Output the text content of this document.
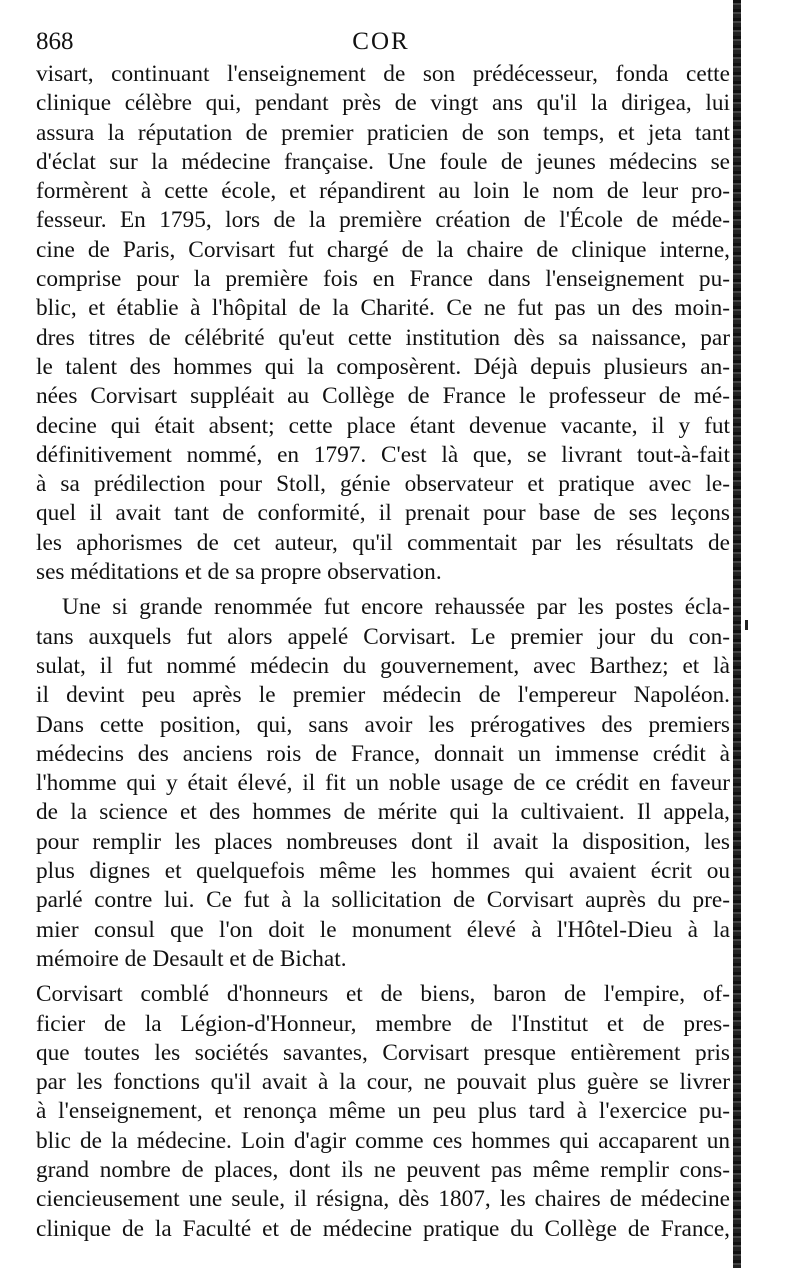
868	COR
visart, continuant l'enseignement de son prédécesseur, fonda cette
clinique célèbre qui, pendant près de vingt ans qu'il la dirigea, lui
assura la réputation de premier praticien de son temps, et jeta tant
d'éclat sur la médecine française. Une foule de jeunes médecins se
formèrent à cette école, et répandirent au loin le nom de leur pro-
fesseur. En 1795, lors de la première création de l'École de méde-
cine de Paris, Corvisart fut chargé de la chaire de clinique interne,
comprise pour la première fois en France dans l'enseignement pu-
blic, et établie à l'hôpital de la Charité. Ce ne fut pas un des moin-
dres titres de célébrité qu'eut cette institution dès sa naissance, par
le talent des hommes qui la composèrent. Déjà depuis plusieurs an-
nées Corvisart suppléait au Collège de France le professeur de mé-
decine qui était absent; cette place étant devenue vacante, il y fut
définitivement nommé, en 1797. C'est là que, se livrant tout-à-fait
à sa prédilection pour Stoll, génie observateur et pratique avec le-
quel il avait tant de conformité, il prenait pour base de ses leçons
les aphorismes de cet auteur, qu'il commentait par les résultats de
ses méditations et de sa propre observation.
Une si grande renommée fut encore rehaussée par les postes écla-
tans auxquels fut alors appelé Corvisart. Le premier jour du con-
sulat, il fut nommé médecin du gouvernement, avec Barthez; et là
il devint peu après le premier médecin de l'empereur Napoléon.
Dans cette position, qui, sans avoir les prérogatives des premiers
médecins des anciens rois de France, donnait un immense crédit à
l'homme qui y était élevé, il fit un noble usage de ce crédit en faveur
de la science et des hommes de mérite qui la cultivaient. Il appela,
pour remplir les places nombreuses dont il avait la disposition, les
plus dignes et quelquefois même les hommes qui avaient écrit ou
parlé contre lui. Ce fut à la sollicitation de Corvisart auprès du pre-
mier consul que l'on doit le monument élevé à l'Hôtel-Dieu à la
mémoire de Desault et de Bichat.
Corvisart comblé d'honneurs et de biens, baron de l'empire, of-
ficier de la Légion-d'Honneur, membre de l'Institut et de pres-
que toutes les sociétés savantes, Corvisart presque entièrement pris
par les fonctions qu'il avait à la cour, ne pouvait plus guère se livrer
à l'enseignement, et renonça même un peu plus tard à l'exercice pu-
blic de la médecine. Loin d'agir comme ces hommes qui accaparent un
grand nombre de places, dont ils ne peuvent pas même remplir cons-
ciencieusement une seule, il résigna, dès 1807, les chaires de médecine
clinique de la Faculté et de médecine pratique du Collège de France,
